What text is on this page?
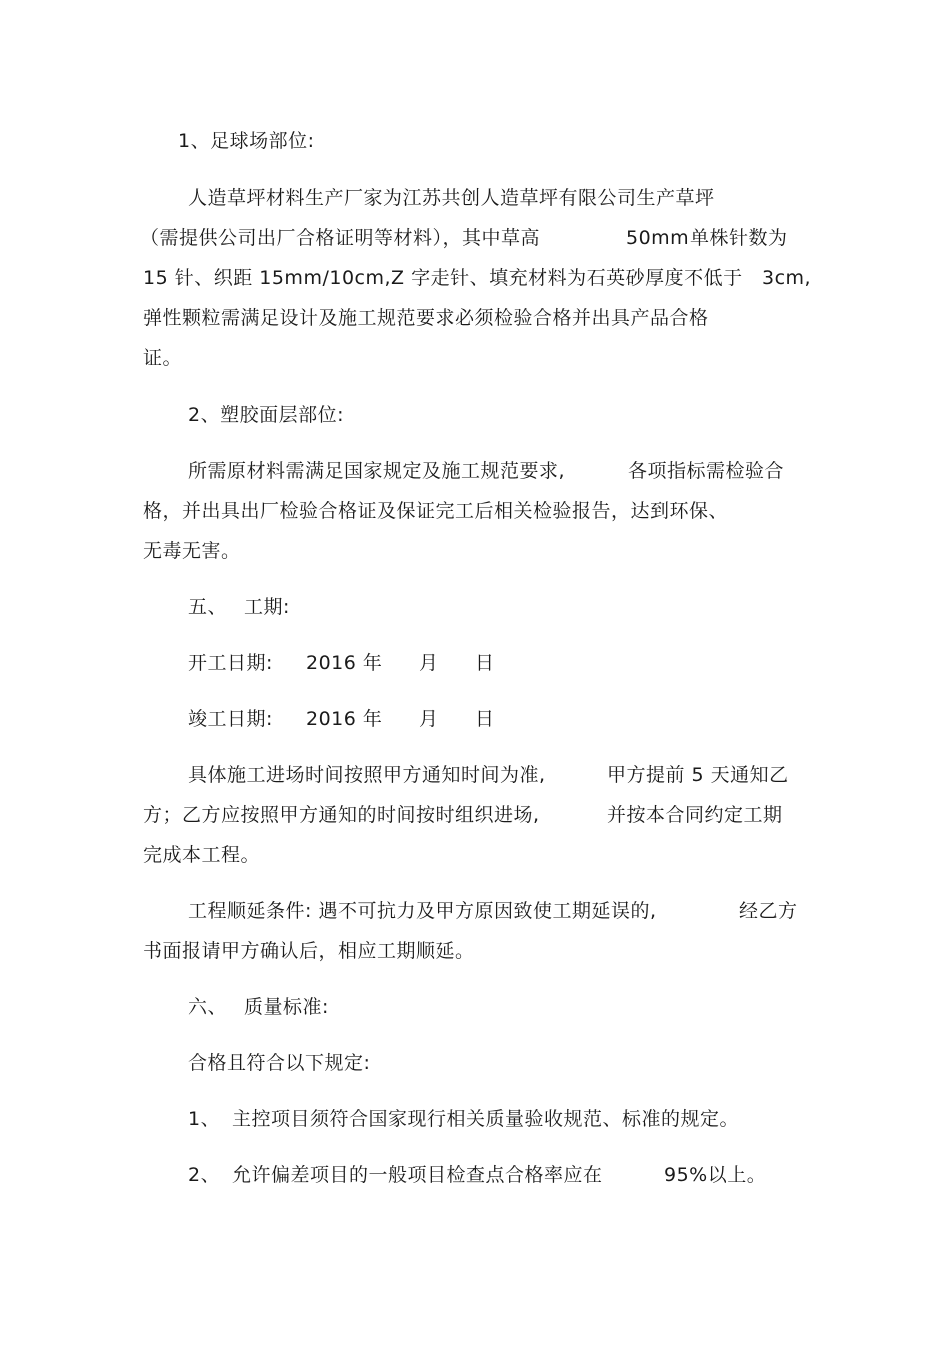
1、足球场部位:
人造草坪材料生产厂家为江苏共创人造草坪有限公司生产草坪
（需提供公司出厂合格证明等材料），其中草高	50mm 单株针数为
15 针、织距 15mm/10cm,Z 字走针、填充材料为石英砂厚度不低于 3cm,
弹性颗粒需满足设计及施工规范要求必须检验合格并出具产品合格
证。
2、塑胶面层部位:
所需原材料需满足国家规定及施工规范要求,	各项指标需检验合
格，并出具出厂检验合格证及保证完工后相关检验报告，达到环保、
无毒无害。
五、 工期:
开工日期: 2016 年 月 日
竣工日期: 2016 年 月 日
具体施工进场时间按照甲方通知时间为准,	甲方提前 5 天通知乙
方；乙方应按照甲方通知的时间按时组织进场,	并按本合同约定工期
完成本工程。
工程顺延条件: 遇不可抗力及甲方原因致使工期延误的,	经乙方
书面报请甲方确认后，相应工期顺延。
六、 质量标准:
合格且符合以下规定:
1、 主控项目须符合国家现行相关质量验收规范、标准的规定。
2、 允许偏差项目的一般项目检查点合格率应在	95%以上。
